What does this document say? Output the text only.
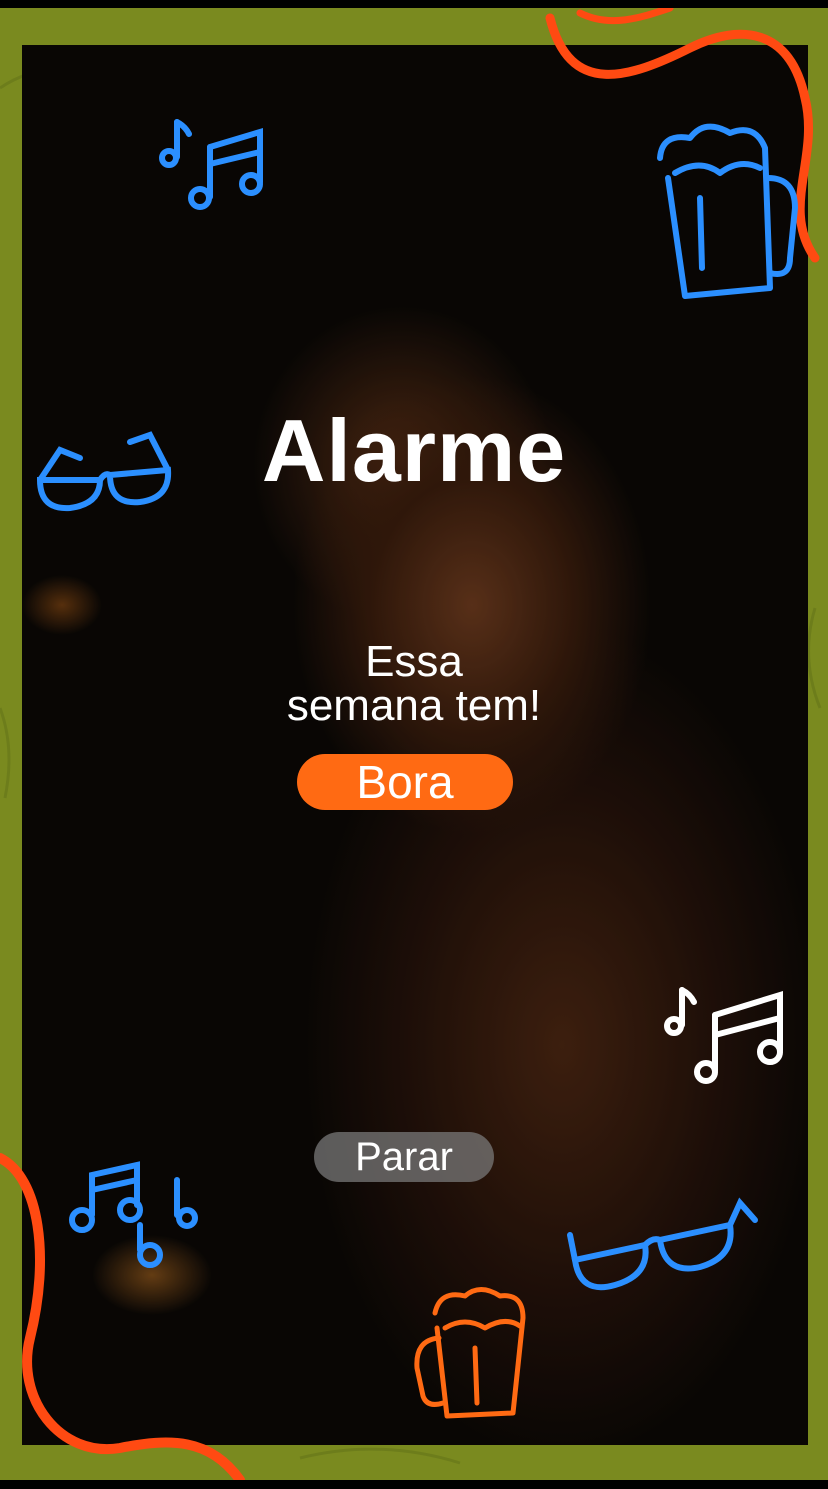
Alarme
Essa
semana tem!
Bora
Parar
